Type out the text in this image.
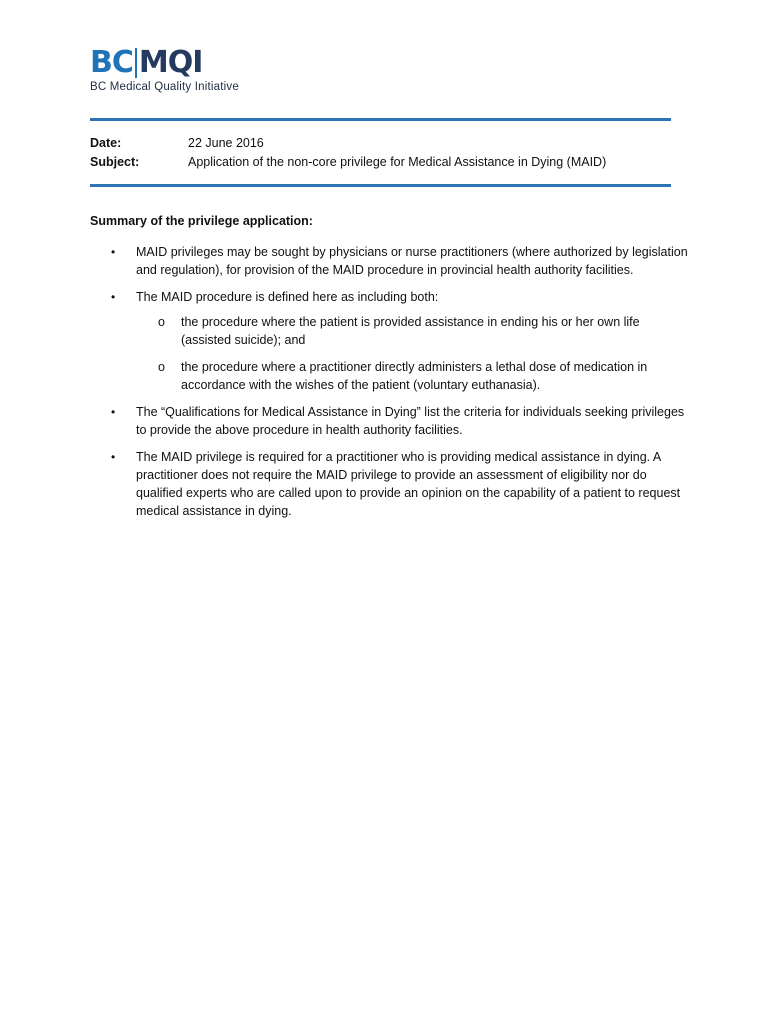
BC MQI
BC Medical Quality Initiative
Date:	22 June 2016
Subject:	Application of the non-core privilege for Medical Assistance in Dying (MAID)
Summary of the privilege application:
• MAID privileges may be sought by physicians or nurse practitioners (where authorized by legislation and regulation), for provision of the MAID procedure in provincial health authority facilities.
• The MAID procedure is defined here as including both:
o the procedure where the patient is provided assistance in ending his or her own life (assisted suicide); and
o the procedure where a practitioner directly administers a lethal dose of medication in accordance with the wishes of the patient (voluntary euthanasia).
• The “Qualifications for Medical Assistance in Dying” list the criteria for individuals seeking privileges to provide the above procedure in health authority facilities.
• The MAID privilege is required for a practitioner who is providing medical assistance in dying. A practitioner does not require the MAID privilege to provide an assessment of eligibility nor do qualified experts who are called upon to provide an opinion on the capability of a patient to request medical assistance in dying.
